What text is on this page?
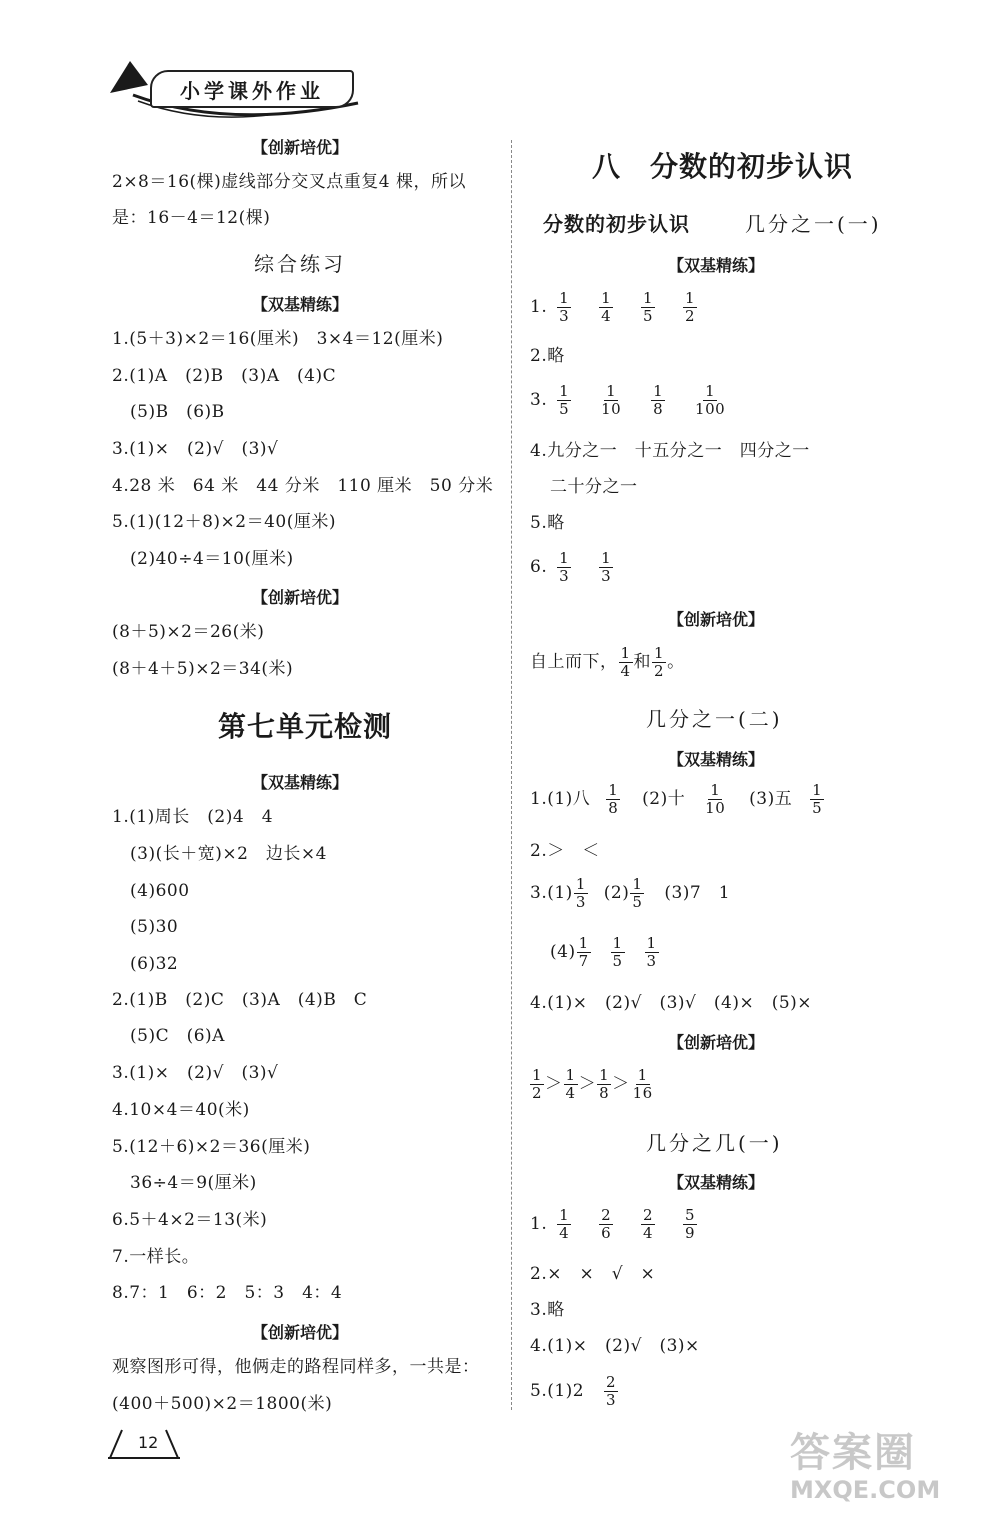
小学课外作业
【创新培优】
2×8＝16(棵)虚线部分交叉点重复4 棵，所以
是：16－4＝12(棵)
综合练习
【双基精练】
1.(5＋3)×2＝16(厘米)　3×4＝12(厘米)
2.(1)A　(2)B　(3)A　(4)C
(5)B　(6)B
3.(1)×　(2)√　(3)√
4.28 米　64 米　44 分米　110 厘米　50 分米
5.(1)(12＋8)×2＝40(厘米)
(2)40÷4＝10(厘米)
【创新培优】
(8＋5)×2＝26(米)
(8＋4＋5)×2＝34(米)
第七单元检测
【双基精练】
1.(1)周长　(2)4　4
(3)(长＋宽)×2　边长×4
(4)600
(5)30
(6)32
2.(1)B　(2)C　(3)A　(4)B　C
(5)C　(6)A
3.(1)×　(2)√　(3)√
4.10×4＝40(米)
5.(12＋6)×2＝36(厘米)
36÷4＝9(厘米)
6.5＋4×2＝13(米)
7.一样长。
8.7：1　6：2　5：3　4：4
【创新培优】
观察图形可得，他俩走的路程同样多，一共是：
(400＋500)×2＝1800(米)
八　分数的初步认识
分数的初步认识	几分之一(一)
【双基精练】
1. $\frac{1}{3}$
$\frac{1}{4}$
$\frac{1}{5}$
$\frac{1}{2}$
2.略
3. $\frac{1}{5}$
$\frac{1}{10}$
$\frac{1}{8}$
$\frac{1}{100}$
4.九分之一　十五分之一　四分之一
二十分之一
5.略
6. $\frac{1}{3}$
$\frac{1}{3}$
【创新培优】
自上而下， $\frac{1}{4}$ 和 $\frac{1}{2}$ 。
几分之一(二)
【双基精练】
1.(1)八 $\frac{1}{8} (2)$十 $\frac{1}{10} (3)$五 $\frac{1}{5}$
2.＞　＜
$3.(1) \frac{1}{3} (2) \frac{1}{5} (3)7$　1
$(4) \frac{1}{7}$
$\frac{1}{5}$
$\frac{1}{3}$
4.(1)×　(2)√　(3)√　(4)×　(5)×
【创新培优】
$\frac{1}{2} > \frac{1}{4} > \frac{1}{8} > \frac{1}{16}$
几分之几(一)
【双基精练】
1. $\frac{1}{4}$
$\frac{2}{6}$
$\frac{2}{4}$
$\frac{5}{9}$
2.×　×　√　×
3.略
4.(1)×　(2)√　(3)×
$5.(1)2 \frac{2}{3}$
12	答案圈
MXQE.COM
